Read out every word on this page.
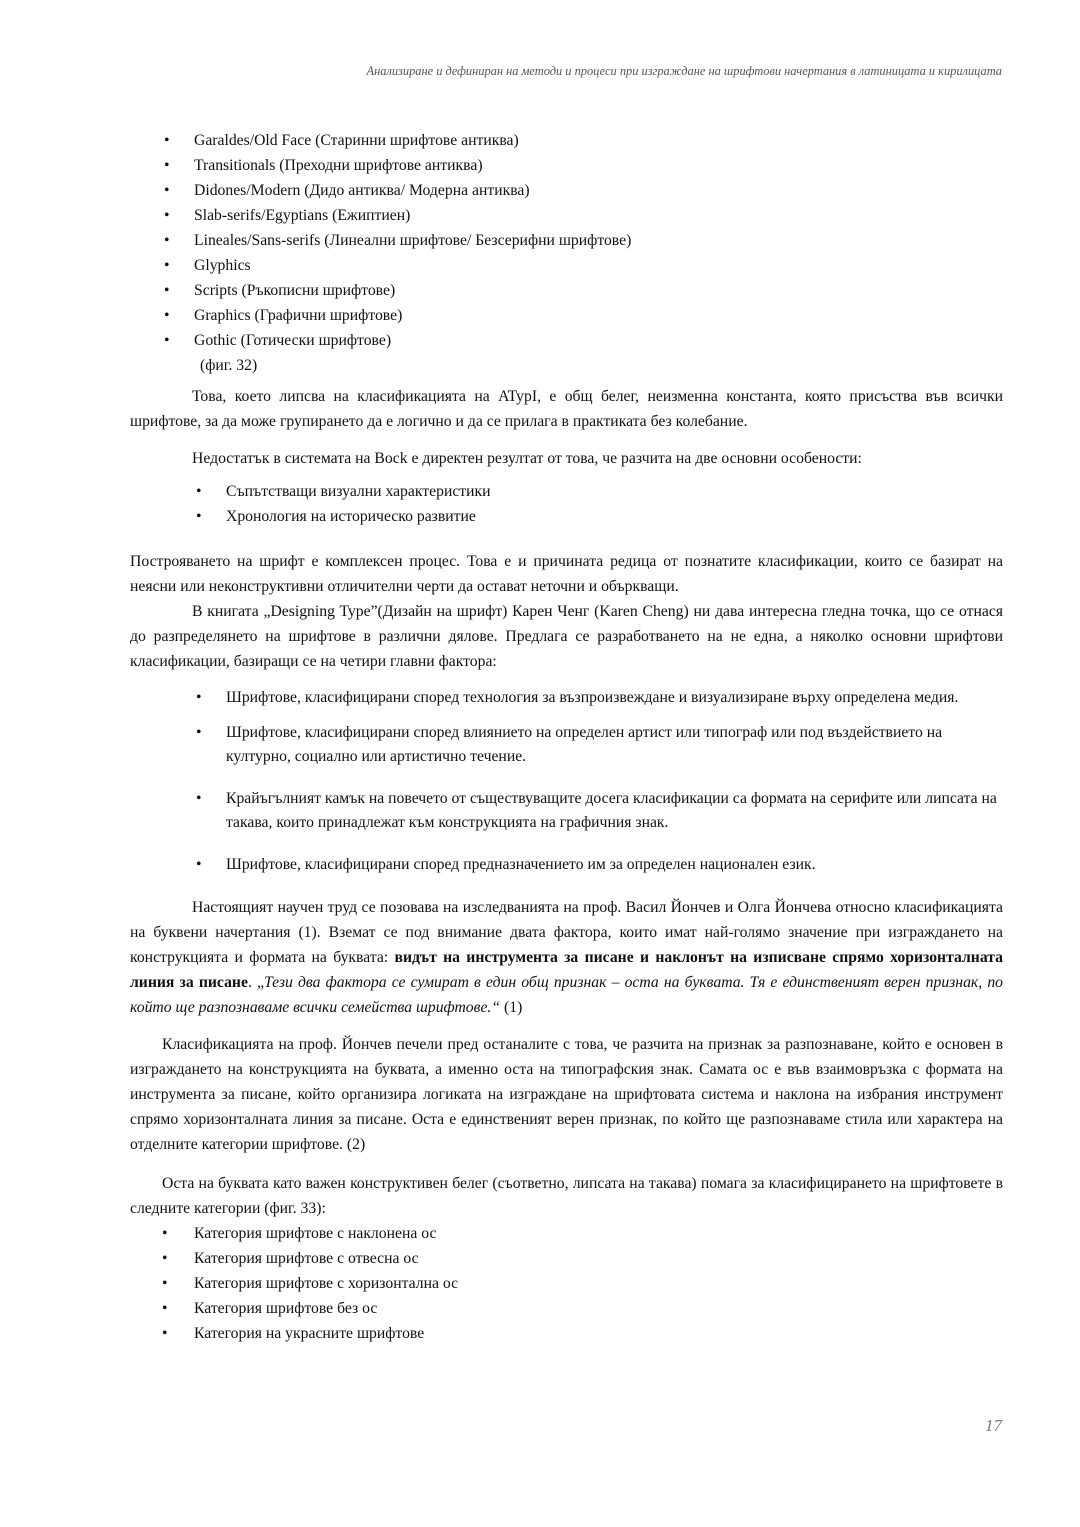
Анализиране и дефиниран на методи и процеси при изграждане на шрифтови начертания в латиницата и кирилицата
• Garaldes/Old Face (Старинни шрифтове антиква)
• Transitionals (Преходни шрифтове антиква)
• Didones/Modern (Дидо антиква/ Модерна антиква)
• Slab-serifs/Egyptians (Ежиптиен)
• Lineales/Sans-serifs (Линеални шрифтове/ Безсерифни шрифтове)
• Glyphics
• Scripts (Ръкописни шрифтове)
• Graphics (Графични шрифтове)
• Gothic (Готически шрифтове)
(фиг. 32)

Това, което липсва на класификацията на ATypI, е общ белег, неизменна константа, която присъства във всички шрифтове, за да може групирането да е логично и да се прилага в практиката без колебание.

Недостатък в системата на Bock е директен резултат от това, че разчита на две основни особености:

• Съпътстващи визуални характеристики
• Хронология на историческо развитие

Построяването на шрифт е комплексен процес. Това е и причината редица от познатите класификации, които се базират на неясни или неконструктивни отличителни черти да остават неточни и объркващи.

В книгата „Designing Type”(Дизайн на шрифт) Карен Ченг (Karen Cheng) ни дава интересна гледна точка, що се отнася до разпределянето на шрифтове в различни дялове. Предлага се разработването на не една, а няколко основни шрифтови класификации, базиращи се на четири главни фактора:

• Шрифтове, класифицирани според технология за възпроизвеждане и визуализиране върху определена медия.
• Шрифтове, класифицирани според влиянието на определен артист или типограф или под въздействието на културно, социално или артистично течение.
• Крайъгълният камък на повечето от съществуващите досега класификации са формата на серифите или липсата на такава, които принадлежат към конструкцията на графичния знак.
• Шрифтове, класифицирани според предназначението им за определен национален език.

Настоящият научен труд се позовава на изследванията на проф. Васил Йончев и Олга Йончева относно класификацията на буквени начертания (1). Вземат се под внимание двата фактора, които имат най-голямо значение при изграждането на конструкцията и формата на буквата: видът на инструмента за писане и наклонът на изписване спрямо хоризонталната линия за писане. „Тези два фактора се сумират в един общ признак – оста на буквата. Тя е единственият верен признак, по който ще разпознаваме всички семейства шрифтове.“ (1)

Класификацията на проф. Йончев печели пред останалите с това, че разчита на признак за разпознаване, който е основен в изграждането на конструкцията на буквата, а именно оста на типографския знак. Самата ос е във взаимовръзка с формата на инструмента за писане, който организира логиката на изграждане на шрифтовата система и наклона на избрания инструмент спрямо хоризонталната линия за писане. Оста е единственият верен признак, по който ще разпознаваме стила или характера на отделните категории шрифтове. (2)

Оста на буквата като важен конструктивен белег (съответно, липсата на такава) помага за класифицирането на шрифтовете в следните категории (фиг. 33):

• Категория шрифтове с наклонена ос
• Категория шрифтове с отвесна ос
• Категория шрифтове с хоризонтална ос
• Категория шрифтове без ос
• Категория на украсните шрифтове
17
